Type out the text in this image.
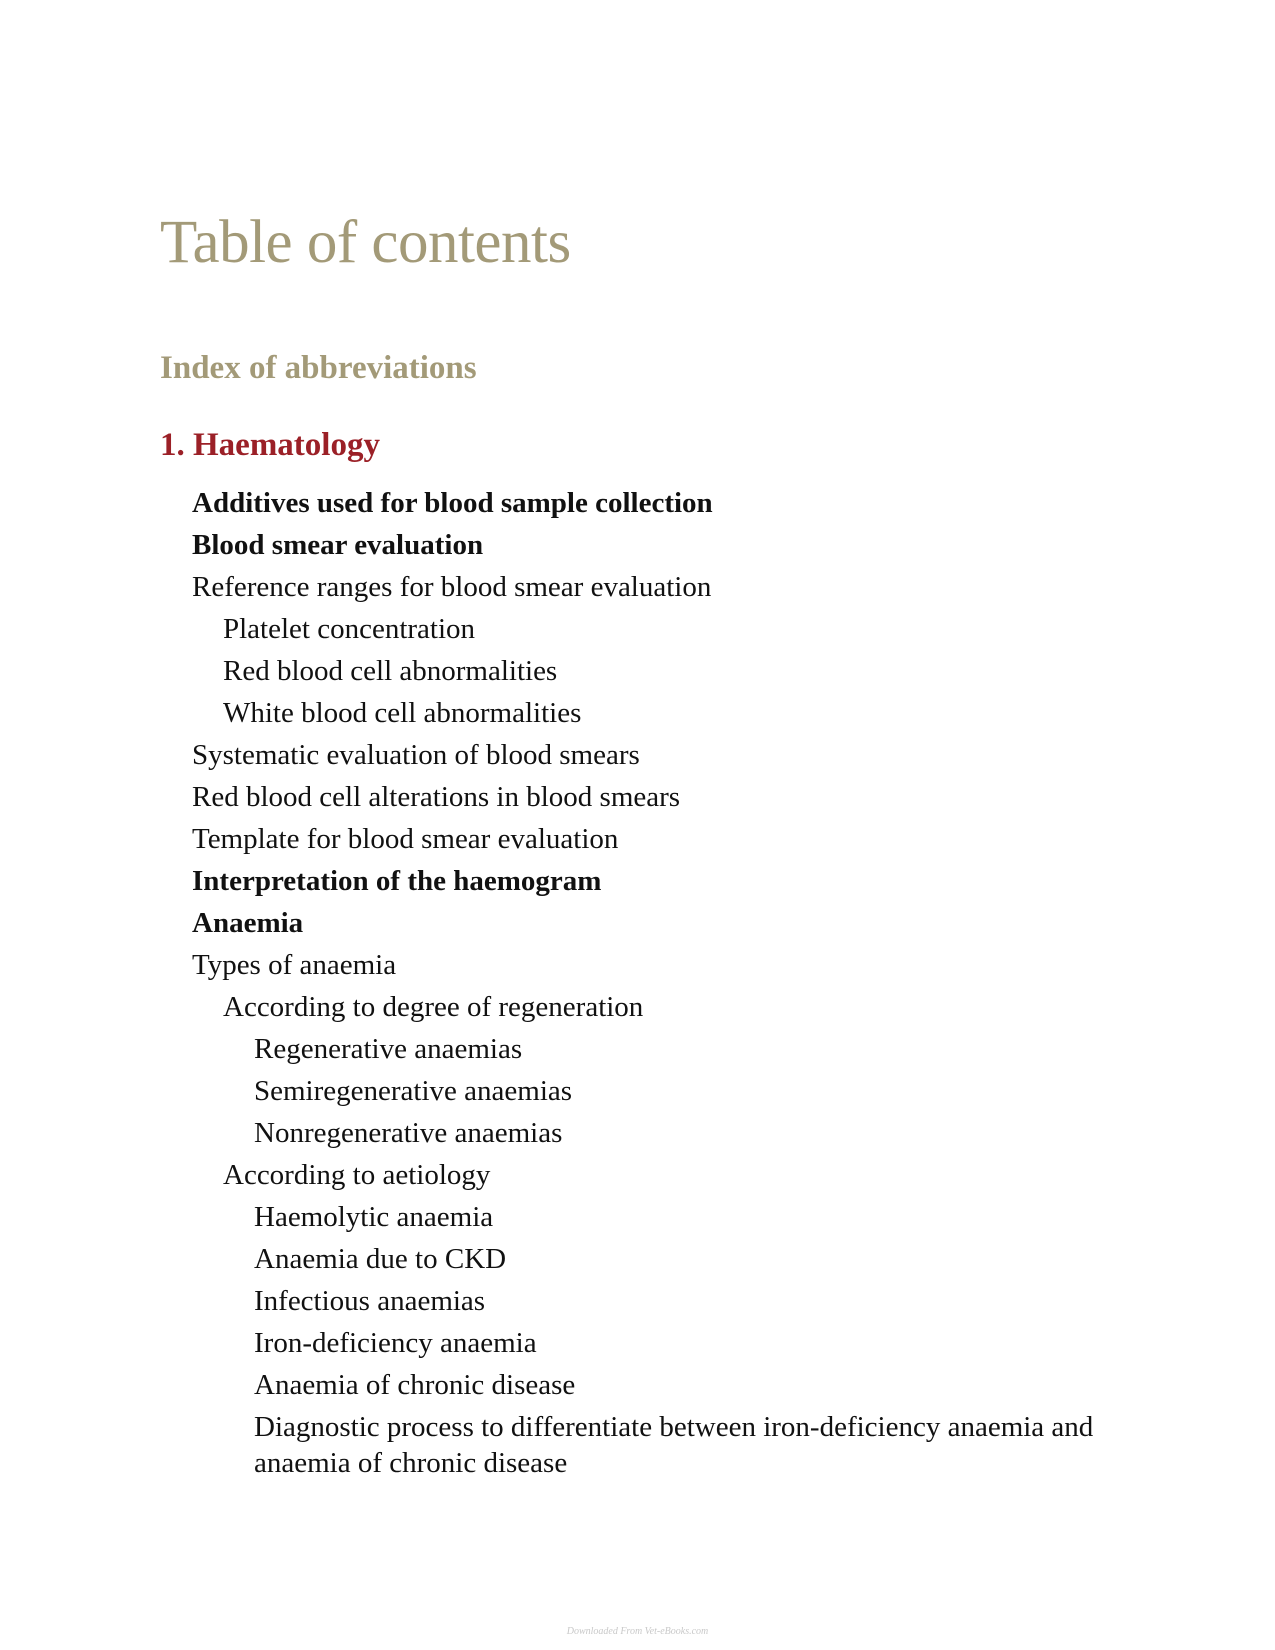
Table of contents
Index of abbreviations
1. Haematology
Additives used for blood sample collection
Blood smear evaluation
Reference ranges for blood smear evaluation
Platelet concentration
Red blood cell abnormalities
White blood cell abnormalities
Systematic evaluation of blood smears
Red blood cell alterations in blood smears
Template for blood smear evaluation
Interpretation of the haemogram
Anaemia
Types of anaemia
According to degree of regeneration
Regenerative anaemias
Semiregenerative anaemias
Nonregenerative anaemias
According to aetiology
Haemolytic anaemia
Anaemia due to CKD
Infectious anaemias
Iron-deficiency anaemia
Anaemia of chronic disease
Diagnostic process to differentiate between iron-deficiency anaemia and anaemia of chronic disease
Downloaded From Vet-eBooks.com
